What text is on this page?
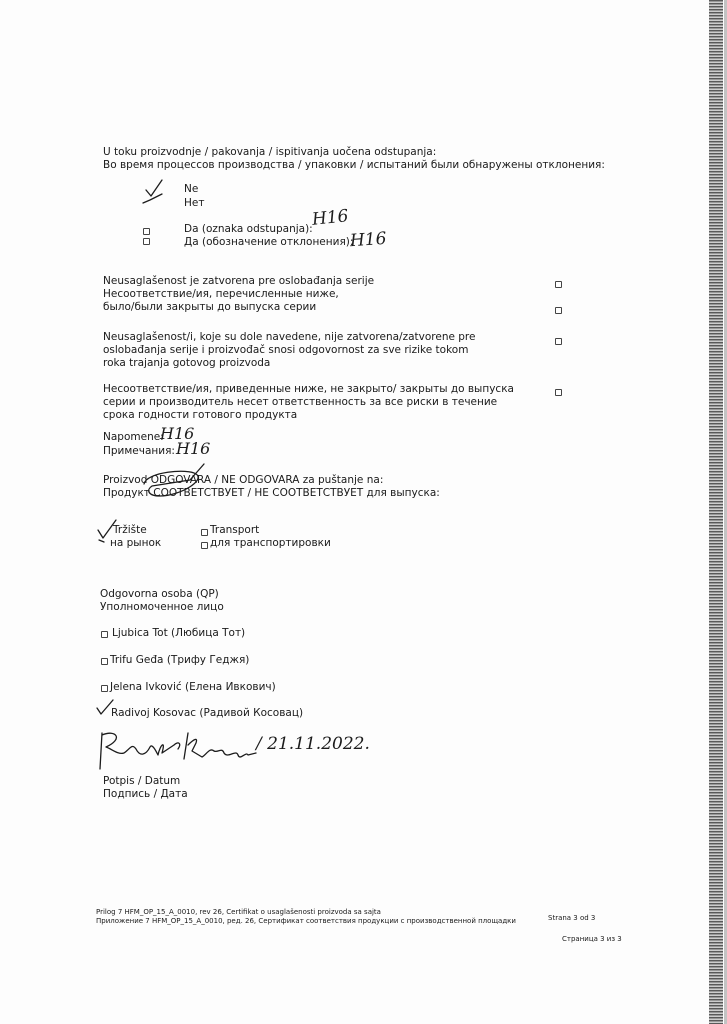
U toku proizvodnje / pakovanja / ispitivanja uočena odstupanja:
Во время процессов производства / упаковки / испытаний были обнаружены отклонения:
Ne
Нет
Da (oznaka odstupanja):
Да (обозначение отклонения):
H16
H16
Neusaglašenost je zatvorena pre oslobađanja serije
Несоответствие/ия, перечисленные ниже,
было/были закрыты до выпуска серии
Neusaglašenost/i, koje su dole navedene, nije zatvorena/zatvorene pre
oslobađanja serije i proizvođač snosi odgovornost za sve rizike tokom
roka trajanja gotovog proizvoda
Несоответствие/ия, приведенные ниже, не закрыто/ закрыты до выпуска
серии и производитель несет ответственность за все риски в течение
срока годности готового продукта
Napomene:
Примечания:
H16
H16
Proizvod ODGOVARA / NE ODGOVARA za puštanje na:
Продукт СООТВЕТСТВУЕТ / НЕ СООТВЕТСТВУЕТ для выпуска:
Tržište
на рынок
Transport
для транспортировки
Odgovorna osoba (QP)
Уполномоченное лицо
Ljubica Tot (Любица Тот)
Trifu Geđa (Трифу Геджя)
Jelena Ivković (Елена Ивкович)
Radivoj Kosovac (Радивой Косовац)
/ 21.11.2022.
Potpis / Datum
Подпись / Дата
Prilog 7 HFM_OP_15_A_0010, rev 26, Certifikat o usaglašenosti proizvoda sa sajta
Приложение 7 HFM_OP_15_A_0010, ред. 26, Сертификат соответствия продукции с производственной площадки	Strana 3 od 3
Страница 3 из 3
